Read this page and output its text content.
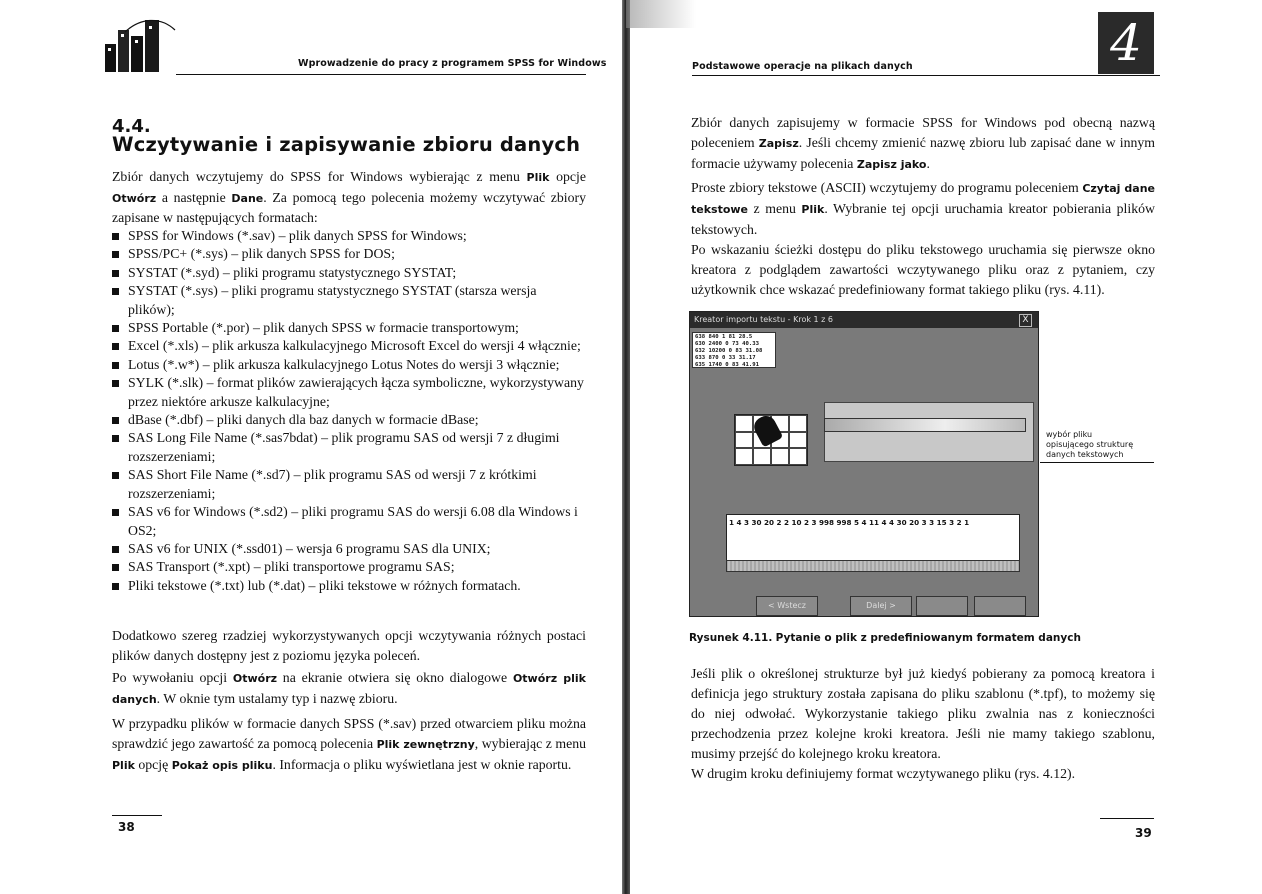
Wprowadzenie do pracy z programem SPSS for Windows
4.4.
Wczytywanie i zapisywanie zbioru danych

Zbiór danych wczytujemy do SPSS for Windows wybierając z menu Plik opcje Otwórz a następnie Dane. Za pomocą tego polecenia możemy wczytywać zbiory zapisane w następujących formatach:

SPSS for Windows (*.sav) – plik danych SPSS for Windows;
SPSS/PC+ (*.sys) – plik danych SPSS for DOS;
SYSTAT (*.syd) – pliki programu statystycznego SYSTAT;
SYSTAT (*.sys) – pliki programu statystycznego SYSTAT (starsza wersja plików);
SPSS Portable (*.por) – plik danych SPSS w formacie transportowym;
Excel (*.xls) – plik arkusza kalkulacyjnego Microsoft Excel do wersji 4 włącznie;
Lotus (*.w*) – plik arkusza kalkulacyjnego Lotus Notes do wersji 3 włącznie;
SYLK (*.slk) – format plików zawierających łącza symboliczne, wykorzystywany przez niektóre arkusze kalkulacyjne;
dBase (*.dbf) – pliki danych dla baz danych w formacie dBase;
SAS Long File Name (*.sas7bdat) – plik programu SAS od wersji 7 z długimi rozszerzeniami;
SAS Short File Name (*.sd7) – plik programu SAS od wersji 7 z krótkimi rozszerzeniami;
SAS v6 for Windows (*.sd2) – pliki programu SAS do wersji 6.08 dla Windows i OS2;
SAS v6 for UNIX (*.ssd01) – wersja 6 programu SAS dla UNIX;
SAS Transport (*.xpt) – pliki transportowe programu SAS;
Pliki tekstowe (*.txt) lub (*.dat) – pliki tekstowe w różnych formatach.

Dodatkowo szereg rzadziej wykorzystywanych opcji wczytywania różnych postaci plików danych dostępny jest z poziomu języka poleceń.

Po wywołaniu opcji Otwórz na ekranie otwiera się okno dialogowe Otwórz plik danych. W oknie tym ustalamy typ i nazwę zbioru.

W przypadku plików w formacie danych SPSS (*.sav) przed otwarciem pliku można sprawdzić jego zawartość za pomocą polecenia Plik zewnętrzny, wybierając z menu Plik opcję Pokaż opis pliku. Informacja o pliku wyświetlana jest w oknie raportu.

38
Podstawowe operacje na plikach danych	4

Zbiór danych zapisujemy w formacie SPSS for Windows pod obecną nazwą poleceniem Zapisz. Jeśli chcemy zmienić nazwę zbioru lub zapisać dane w innym formacie używamy polecenia Zapisz jako.

Proste zbiory tekstowe (ASCII) wczytujemy do programu poleceniem Czytaj dane tekstowe z menu Plik. Wybranie tej opcji uruchamia kreator pobierania plików tekstowych.

Po wskazaniu ścieżki dostępu do pliku tekstowego uruchamia się pierwsze okno kreatora z podglądem zawartości wczytywanego pliku oraz z pytaniem, czy użytkownik chce wskazać predefiniowany format takiego pliku (rys. 4.11).

Kreator importu tekstu - Krok 1 z 6	X
638 840 1 81 28.5
630 2400 0 73 40.33
632 10200 0 83 31.08
633 870 0 33 31.17
635 1740 0 83 41.91
1 4 3 30 20 2 2 10 2 3 998 998 5 4 11 4 4 30 20 3 3 15 3 2 1
< Wstecz	Dalej >
wybór pliku
opisującego strukturę
danych tekstowych
Rysunek 4.11. Pytanie o plik z predefiniowanym formatem danych

Jeśli plik o określonej strukturze był już kiedyś pobierany za pomocą kreatora i definicja jego struktury została zapisana do pliku szablonu (*.tpf), to możemy się do niej odwołać. Wykorzystanie takiego pliku zwalnia nas z konieczności przechodzenia przez kolejne kroki kreatora. Jeśli nie mamy takiego szablonu, musimy przejść do kolejnego kroku kreatora.

W drugim kroku definiujemy format wczytywanego pliku (rys. 4.12).

39
